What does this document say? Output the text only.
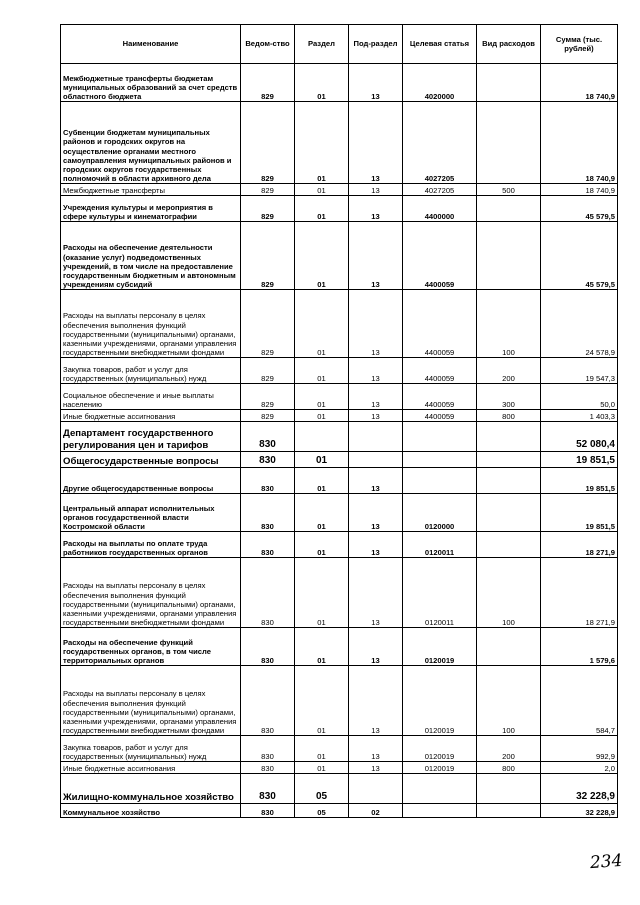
Наименование	Ведом-ство	Раздел	Под-раздел	Целевая статья	Вид расходов	Сумма (тыс. рублей)
Межбюджетные трансферты бюджетам муниципальных образований за счет средств областного бюджета	829	01	13	4020000		18 740,9
Субвенции бюджетам муниципальных районов и городских округов на осуществление органами местного самоуправления муниципальных районов и городских округов государственных полномочий в области архивного дела	829	01	13	4027205		18 740,9
Межбюджетные трансферты	829	01	13	4027205	500	18 740,9
Учреждения культуры и мероприятия в сфере культуры и кинематографии	829	01	13	4400000		45 579,5
Расходы на обеспечение деятельности (оказание услуг) подведомственных учреждений, в том числе на предоставление государственным бюджетным и автономным учреждениям субсидий	829	01	13	4400059		45 579,5
Расходы на выплаты персоналу в целях обеспечения выполнения функций государственными (муниципальными) органами, казенными учреждениями, органами управления государственными внебюджетными фондами	829	01	13	4400059	100	24 578,9
Закупка товаров, работ и услуг для государственных (муниципальных) нужд	829	01	13	4400059	200	19 547,3
Социальное обеспечение и иные выплаты населению	829	01	13	4400059	300	50,0
Иные бюджетные ассигнования	829	01	13	4400059	800	1 403,3
Департамент государственного регулирования цен и тарифов	830					52 080,4
Общегосударственные вопросы	830	01				19 851,5
Другие общегосударственные вопросы	830	01	13			19 851,5
Центральный аппарат исполнительных органов государственной власти Костромской области	830	01	13	0120000		19 851,5
Расходы на выплаты по оплате труда работников государственных органов	830	01	13	0120011		18 271,9
Расходы на выплаты персоналу в целях обеспечения выполнения функций государственными (муниципальными) органами, казенными учреждениями, органами управления государственными внебюджетными фондами	830	01	13	0120011	100	18 271,9
Расходы на обеспечение функций государственных органов, в том числе территориальных органов	830	01	13	0120019		1 579,6
Расходы на выплаты персоналу в целях обеспечения выполнения функций государственными (муниципальными) органами, казенными учреждениями, органами управления государственными внебюджетными фондами	830	01	13	0120019	100	584,7
Закупка товаров, работ и услуг для государственных (муниципальных) нужд	830	01	13	0120019	200	992,9
Иные бюджетные ассигнования	830	01	13	0120019	800	2,0
Жилищно-коммунальное хозяйство	830	05				32 228,9
Коммунальное хозяйство	830	05	02			32 228,9
234
